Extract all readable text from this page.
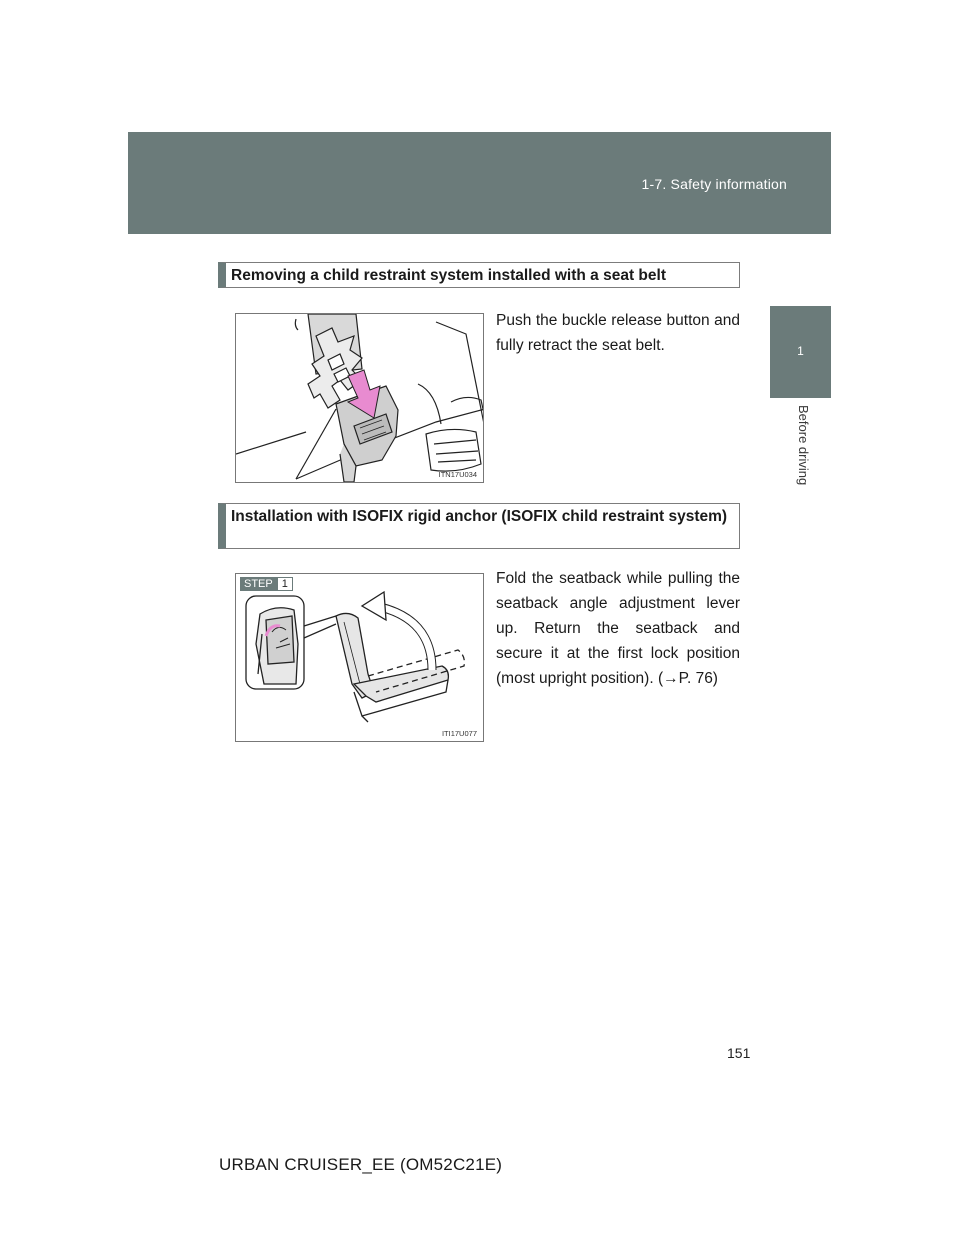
1-7. Safety information
1
Before driving
Removing a child restraint system installed with a seat belt
ITN17U034
Push the buckle release button and fully retract the seat belt.
Installation with ISOFIX rigid anchor (ISOFIX child restraint system)
STEP 1
ITI17U077
Fold the seatback while pulling the seatback angle adjustment lever up. Return the seatback and secure it at the first lock position (most upright position). (→P. 76)
151
URBAN CRUISER_EE (OM52C21E)
